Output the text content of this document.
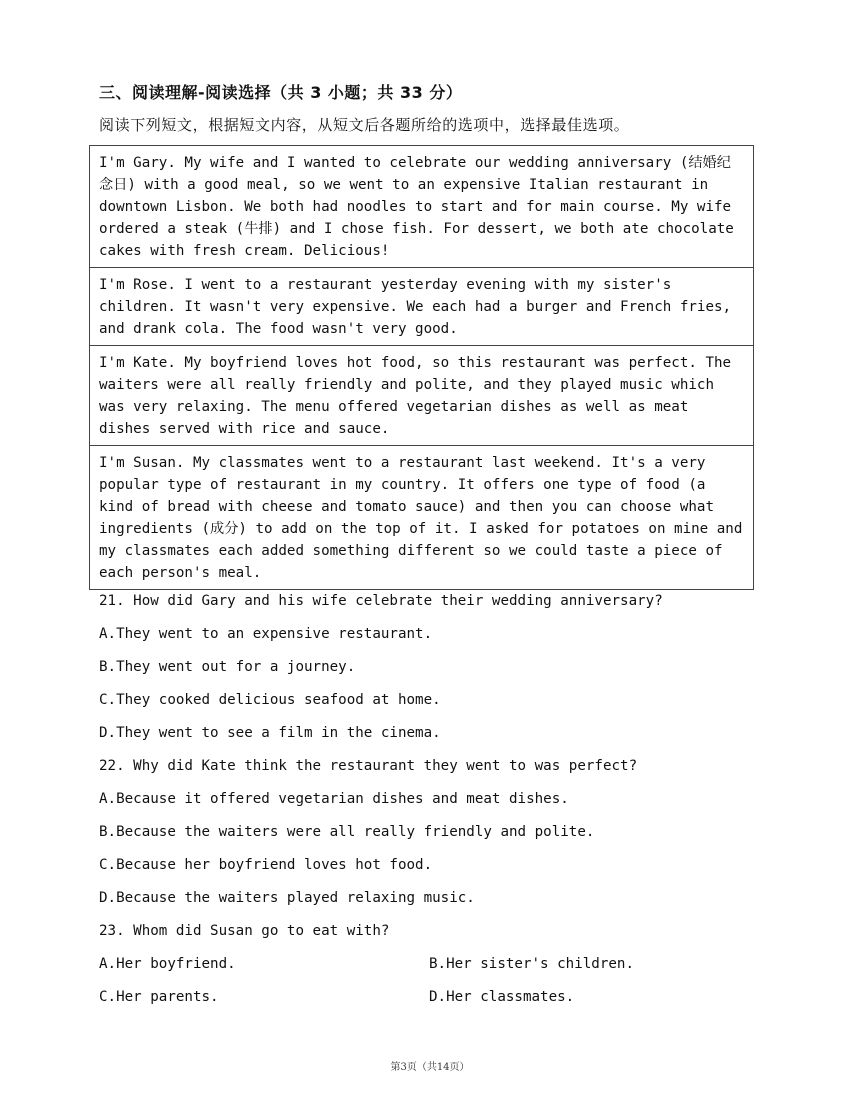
三、阅读理解-阅读选择（共 3 小题；共 33 分）
阅读下列短文，根据短文内容，从短文后各题所给的选项中，选择最佳选项。
I'm Gary. My wife and I wanted to celebrate our wedding anniversary (结婚纪念日) with a good meal, so we went to an expensive Italian restaurant in downtown Lisbon. We both had noodles to start and for main course. My wife ordered a steak (牛排) and I chose fish. For dessert, we both ate chocolate cakes with fresh cream. Delicious!
I'm Rose. I went to a restaurant yesterday evening with my sister's children. It wasn't very expensive. We each had a burger and French fries, and drank cola. The food wasn't very good.
I'm Kate. My boyfriend loves hot food, so this restaurant was perfect. The waiters were all really friendly and polite, and they played music which was very relaxing. The menu offered vegetarian dishes as well as meat dishes served with rice and sauce.
I'm Susan. My classmates went to a restaurant last weekend. It's a very popular type of restaurant in my country. It offers one type of food (a kind of bread with cheese and tomato sauce) and then you can choose what ingredients (成分) to add on the top of it. I asked for potatoes on mine and my classmates each added something different so we could taste a piece of each person's meal.
21. How did Gary and his wife celebrate their wedding anniversary?
A.They went to an expensive restaurant.
B.They went out for a journey.
C.They cooked delicious seafood at home.
D.They went to see a film in the cinema.
22. Why did Kate think the restaurant they went to was perfect?
A.Because it offered vegetarian dishes and meat dishes.
B.Because the waiters were all really friendly and polite.
C.Because her boyfriend loves hot food.
D.Because the waiters played relaxing music.
23. Whom did Susan go to eat with?
A.Her boyfriend.	B.Her sister's children.
C.Her parents.	D.Her classmates.
第3页（共14页）
